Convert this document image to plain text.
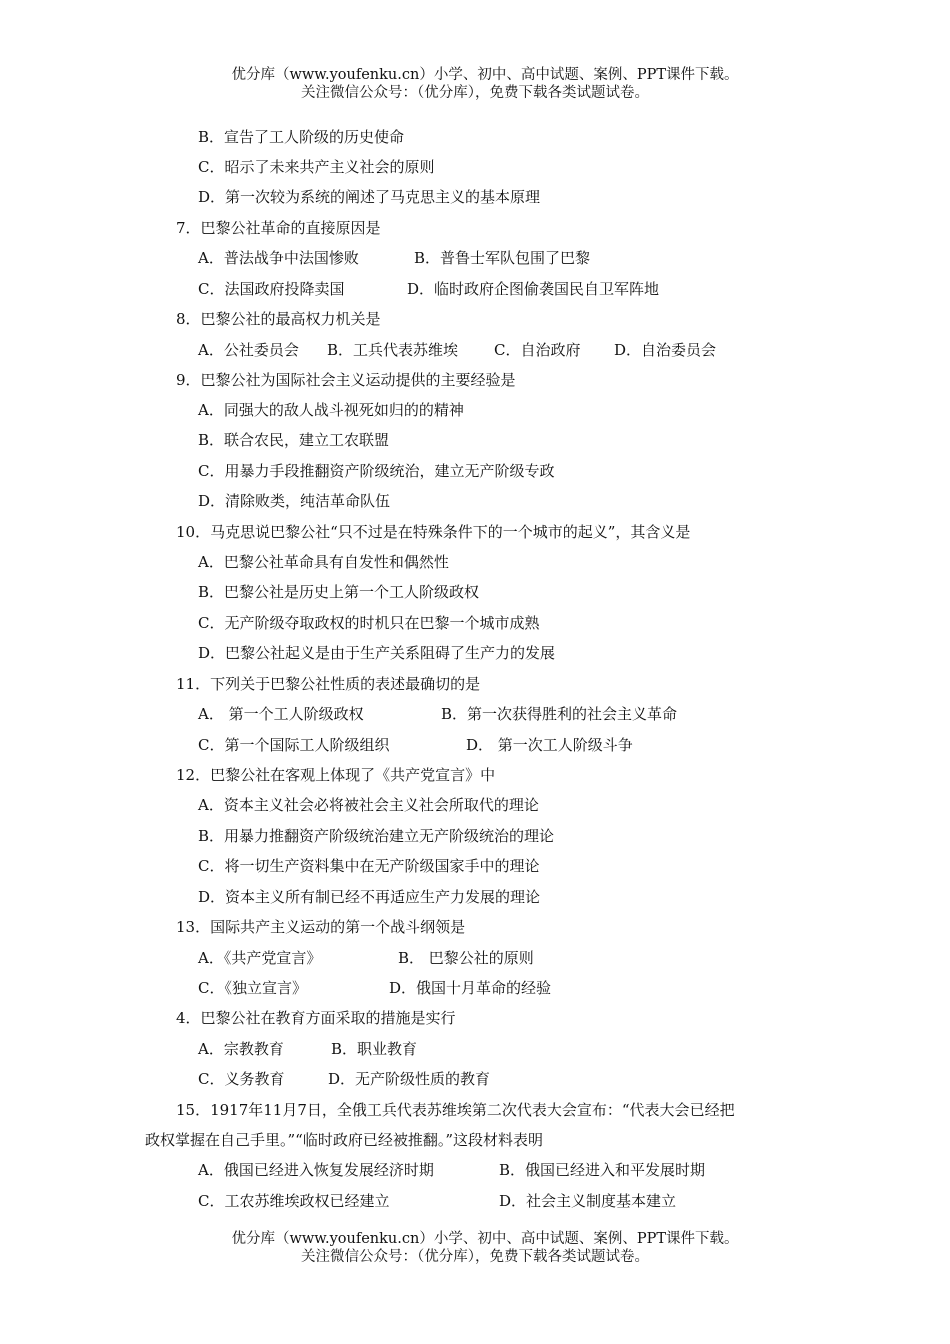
优分库（www.youfenku.cn）小学、初中、高中试题、案例、PPT课件下载。
关注微信公众号：（优分库），免费下载各类试题试卷。
B．宣告了工人阶级的历史使命
C．昭示了未来共产主义社会的原则
D．第一次较为系统的阐述了马克思主义的基本原理
7．巴黎公社革命的直接原因是
A．普法战争中法国惨败	B．普鲁士军队包围了巴黎
C．法国政府投降卖国	D．临时政府企图偷袭国民自卫军阵地
8．巴黎公社的最高权力机关是
A．公社委员会 B．工兵代表苏维埃 C．自治政府 D．自治委员会
9．巴黎公社为国际社会主义运动提供的主要经验是
A．同强大的敌人战斗视死如归的的精神
B．联合农民，建立工农联盟
C．用暴力手段推翻资产阶级统治，建立无产阶级专政
D．清除败类，纯洁革命队伍
10．马克思说巴黎公社“只不过是在特殊条件下的一个城市的起义”，其含义是
A．巴黎公社革命具有自发性和偶然性
B．巴黎公社是历史上第一个工人阶级政权
C．无产阶级夺取政权的时机只在巴黎一个城市成熟
D．巴黎公社起义是由于生产关系阻碍了生产力的发展
11．下列关于巴黎公社性质的表述最确切的是
A． 第一个工人阶级政权	B．第一次获得胜利的社会主义革命
C．第一个国际工人阶级组织	D． 第一次工人阶级斗争
12．巴黎公社在客观上体现了《共产党宣言》中
A．资本主义社会必将被社会主义社会所取代的理论
B．用暴力推翻资产阶级统治建立无产阶级统治的理论
C．将一切生产资料集中在无产阶级国家手中的理论
D．资本主义所有制已经不再适应生产力发展的理论
13．国际共产主义运动的第一个战斗纲领是
A．《共产党宣言》	B． 巴黎公社的原则
C．《独立宣言》	D．俄国十月革命的经验
4．巴黎公社在教育方面采取的措施是实行
A．宗教教育	B．职业教育
C．义务教育	D．无产阶级性质的教育
15．1917年11月7日，全俄工兵代表苏维埃第二次代表大会宣布：“代表大会已经把
政权掌握在自己手里。”“临时政府已经被推翻。”这段材料表明
A．俄国已经进入恢复发展经济时期	B．俄国已经进入和平发展时期
C．工农苏维埃政权已经建立	D．社会主义制度基本建立
优分库（www.youfenku.cn）小学、初中、高中试题、案例、PPT课件下载。
关注微信公众号：（优分库），免费下载各类试题试卷。
